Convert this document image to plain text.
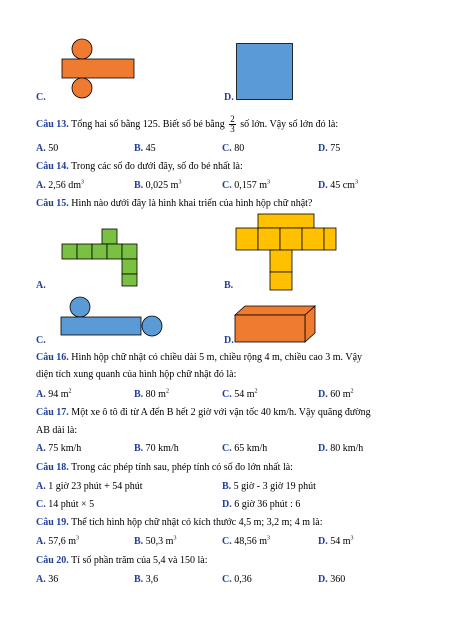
C.	D.
Câu 13. Tổng hai số bằng 125. Biết số bé bằng $\frac{2}{3}$ số lớn. Vậy số lớn đó là:
A. 50	B. 45	C. 80	D. 75
Câu 14. Trong các số đo dưới đây, số đo bé nhất là:
A. 2,56 $dm^3$	B. 0,025 $m^3$	C. 0,157 $m^3$	D. 45 $cm^3$
Câu 15. Hình nào dưới đây là hình khai triển của hình hộp chữ nhật?
A.	B.
C.	D.
Câu 16. Hình hộp chữ nhật có chiều dài 5 m, chiều rộng 4 m, chiều cao 3 m. Vậy
diện tích xung quanh của hình hộp chữ nhật đó là:
A. 94 $m^2$	B. 80 $m^2$	C. 54 $m^2$	D. 60 $m^2$
Câu 17. Một xe ô tô đi từ A đến B hết 2 giờ với vận tốc 40 km/h. Vậy quãng đường
AB dài là:
A. 75 km/h	B. 70 km/h	C. 65 km/h	D. 80 km/h
Câu 18. Trong các phép tính sau, phép tính có số đo lớn nhất là:
A. 1 giờ 23 phút + 54 phút	B. 5 giờ - 3 giờ 19 phút
C. 14 phút × 5	D. 6 giờ 36 phút : 6
Câu 19. Thể tích hình hộp chữ nhật có kích thước 4,5 m; 3,2 m; 4 m là:
A. 57,6 $m^3$	B. 50,3 $m^3$	C. 48,56 $m^3$	D. 54 $m^3$
Câu 20. Tỉ số phần trăm của 5,4 và 150 là:
A. 36	B. 3,6	C. 0,36	D. 360
